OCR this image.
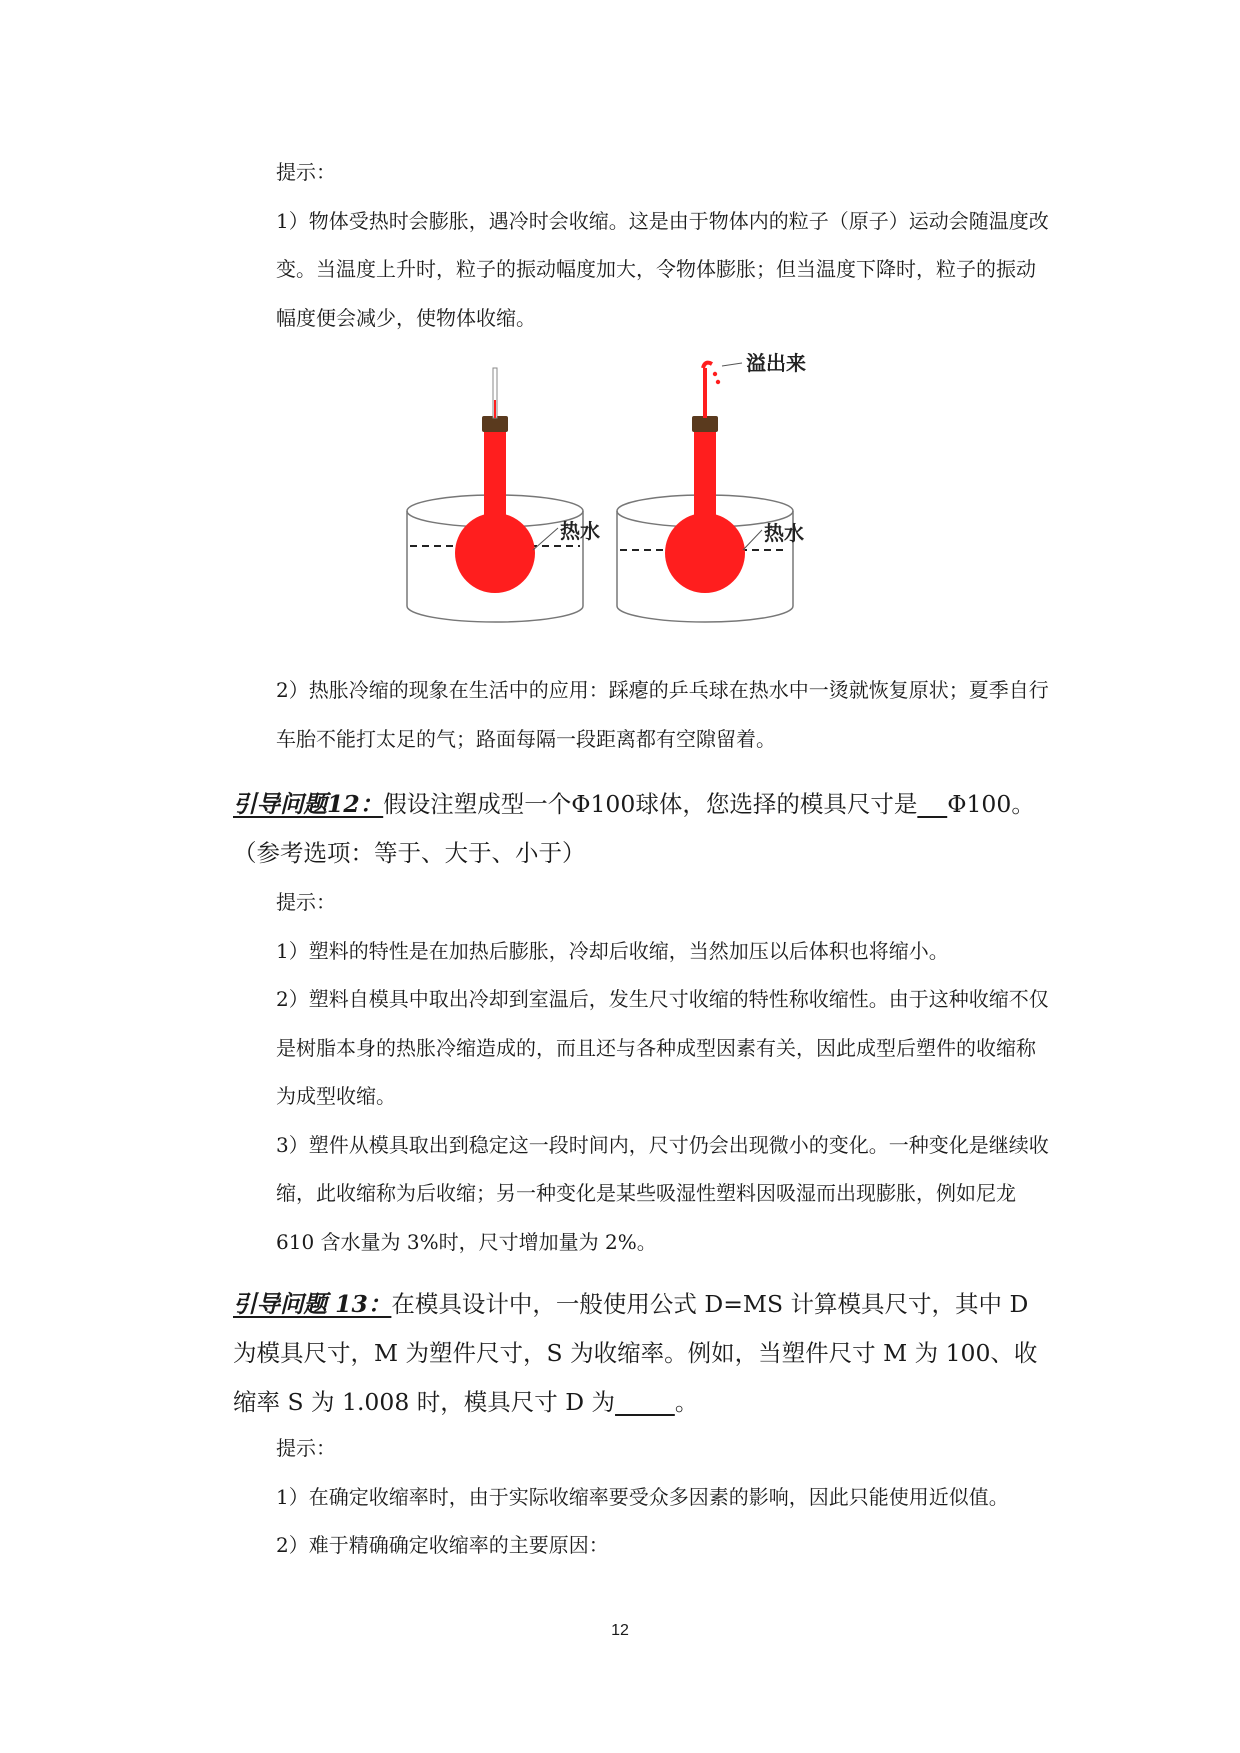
提示：

1）物体受热时会膨胀，遇冷时会收缩。这是由于物体内的粒子（原子）运动会随温度改变。当温度上升时，粒子的振动幅度加大，令物体膨胀；但当温度下降时，粒子的振动幅度便会减少，使物体收缩。

热水
溢出来
热水

2）热胀冷缩的现象在生活中的应用：踩瘪的乒乓球在热水中一烫就恢复原状；夏季自行车胎不能打太足的气；路面每隔一段距离都有空隙留着。

引导问题12：假设注塑成型一个Φ100球体，您选择的模具尺寸是 Φ100。

（参考选项：等于、大于、小于）

提示：

1）塑料的特性是在加热后膨胀，冷却后收缩，当然加压以后体积也将缩小。

2）塑料自模具中取出冷却到室温后，发生尺寸收缩的特性称收缩性。由于这种收缩不仅是树脂本身的热胀冷缩造成的，而且还与各种成型因素有关，因此成型后塑件的收缩称为成型收缩。

3）塑件从模具取出到稳定这一段时间内，尺寸仍会出现微小的变化。一种变化是继续收缩，此收缩称为后收缩；另一种变化是某些吸湿性塑料因吸湿而出现膨胀，例如尼龙 610 含水量为 3%时，尺寸增加量为 2%。

引导问题 13：在模具设计中，一般使用公式 D=MS 计算模具尺寸，其中 D 为模具尺寸，M 为塑件尺寸，S 为收缩率。例如，当塑件尺寸 M 为 100、收缩率 S 为 1.008 时，模具尺寸 D 为	。

提示：

1）在确定收缩率时，由于实际收缩率要受众多因素的影响，因此只能使用近似值。

2）难于精确确定收缩率的主要原因：

12
